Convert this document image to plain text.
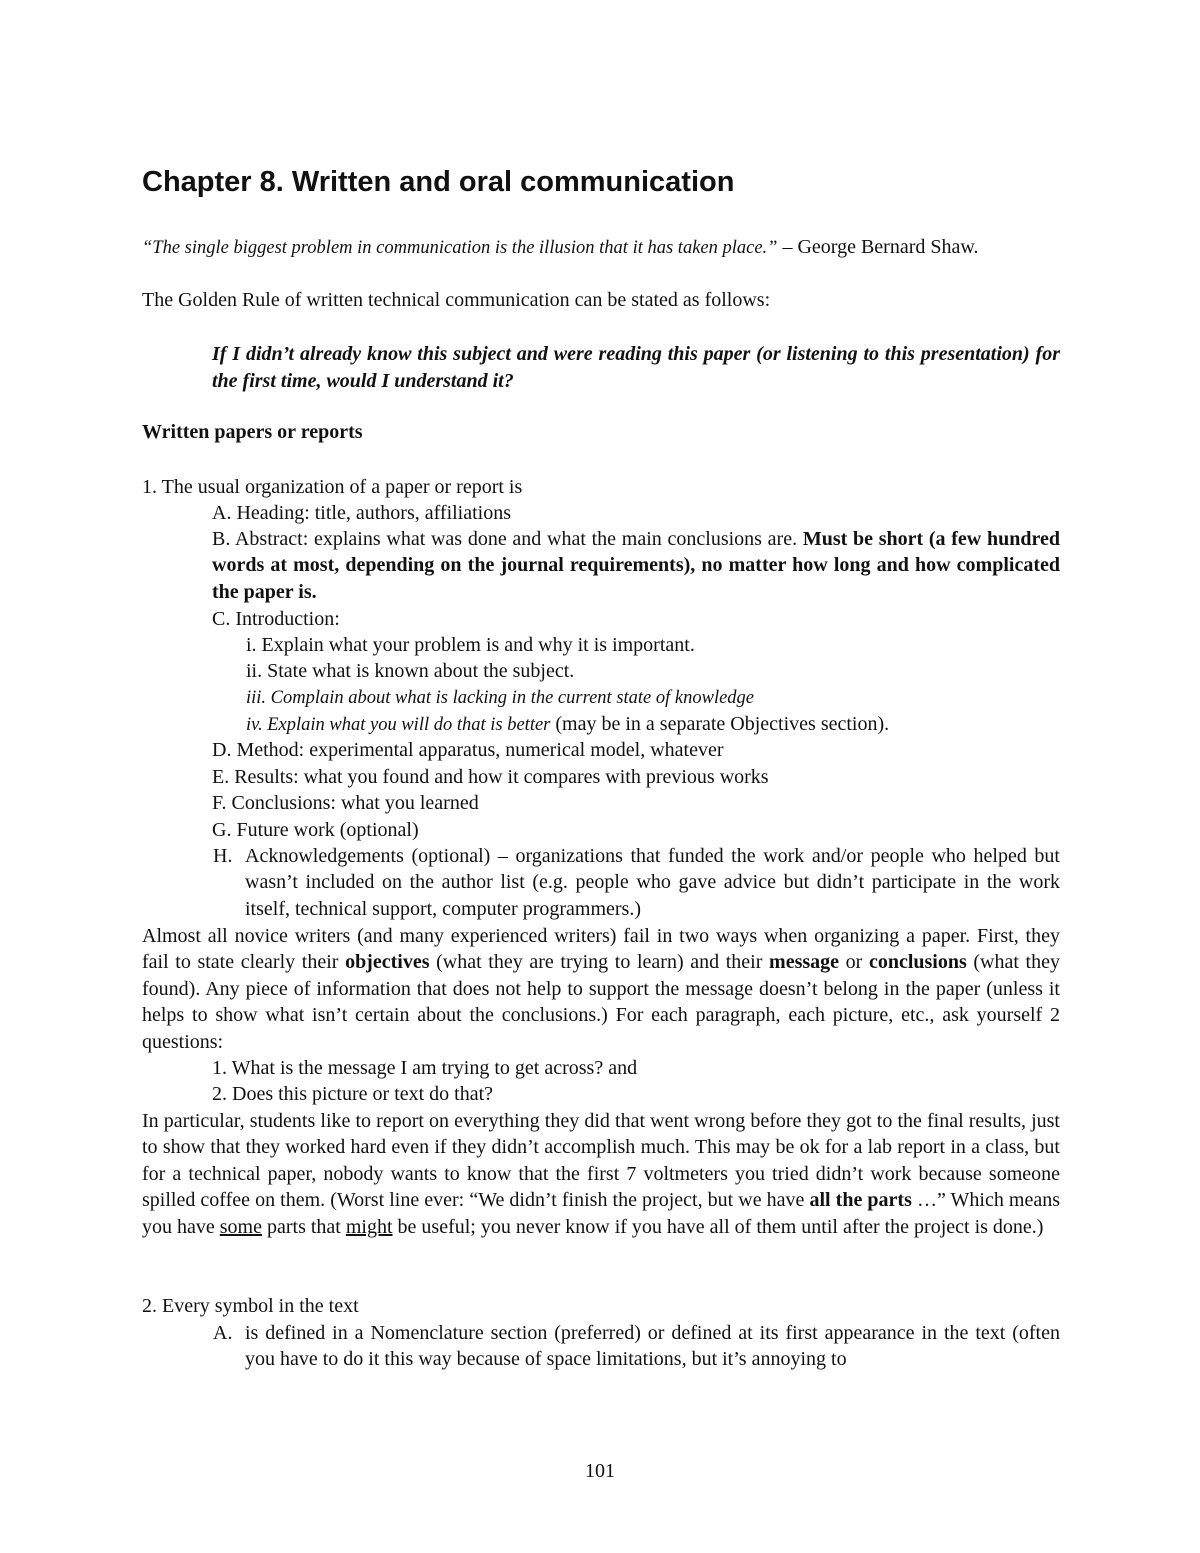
Chapter 8. Written and oral communication
“The single biggest problem in communication is the illusion that it has taken place.” – George Bernard Shaw.
The Golden Rule of written technical communication can be stated as follows:
If I didn’t already know this subject and were reading this paper (or listening to this presentation) for the first time, would I understand it?
Written papers or reports
1. The usual organization of a paper or report is
A. Heading: title, authors, affiliations
B. Abstract: explains what was done and what the main conclusions are. Must be short (a few hundred words at most, depending on the journal requirements), no matter how long and how complicated the paper is.
C. Introduction:
i. Explain what your problem is and why it is important.
ii. State what is known about the subject.
iii. Complain about what is lacking in the current state of knowledge
iv. Explain what you will do that is better (may be in a separate Objectives section).
D. Method: experimental apparatus, numerical model, whatever
E. Results: what you found and how it compares with previous works
F. Conclusions: what you learned
G. Future work (optional)
H. Acknowledgements (optional) – organizations that funded the work and/or people who helped but wasn’t included on the author list (e.g. people who gave advice but didn’t participate in the work itself, technical support, computer programmers.)
Almost all novice writers (and many experienced writers) fail in two ways when organizing a paper. First, they fail to state clearly their objectives (what they are trying to learn) and their message or conclusions (what they found). Any piece of information that does not help to support the message doesn’t belong in the paper (unless it helps to show what isn’t certain about the conclusions.) For each paragraph, each picture, etc., ask yourself 2 questions:
1. What is the message I am trying to get across? and
2. Does this picture or text do that?
In particular, students like to report on everything they did that went wrong before they got to the final results, just to show that they worked hard even if they didn’t accomplish much. This may be ok for a lab report in a class, but for a technical paper, nobody wants to know that the first 7 voltmeters you tried didn’t work because someone spilled coffee on them. (Worst line ever: “We didn’t finish the project, but we have all the parts …” Which means you have some parts that might be useful; you never know if you have all of them until after the project is done.)
2. Every symbol in the text
A. is defined in a Nomenclature section (preferred) or defined at its first appearance in the text (often you have to do it this way because of space limitations, but it’s annoying to
101
